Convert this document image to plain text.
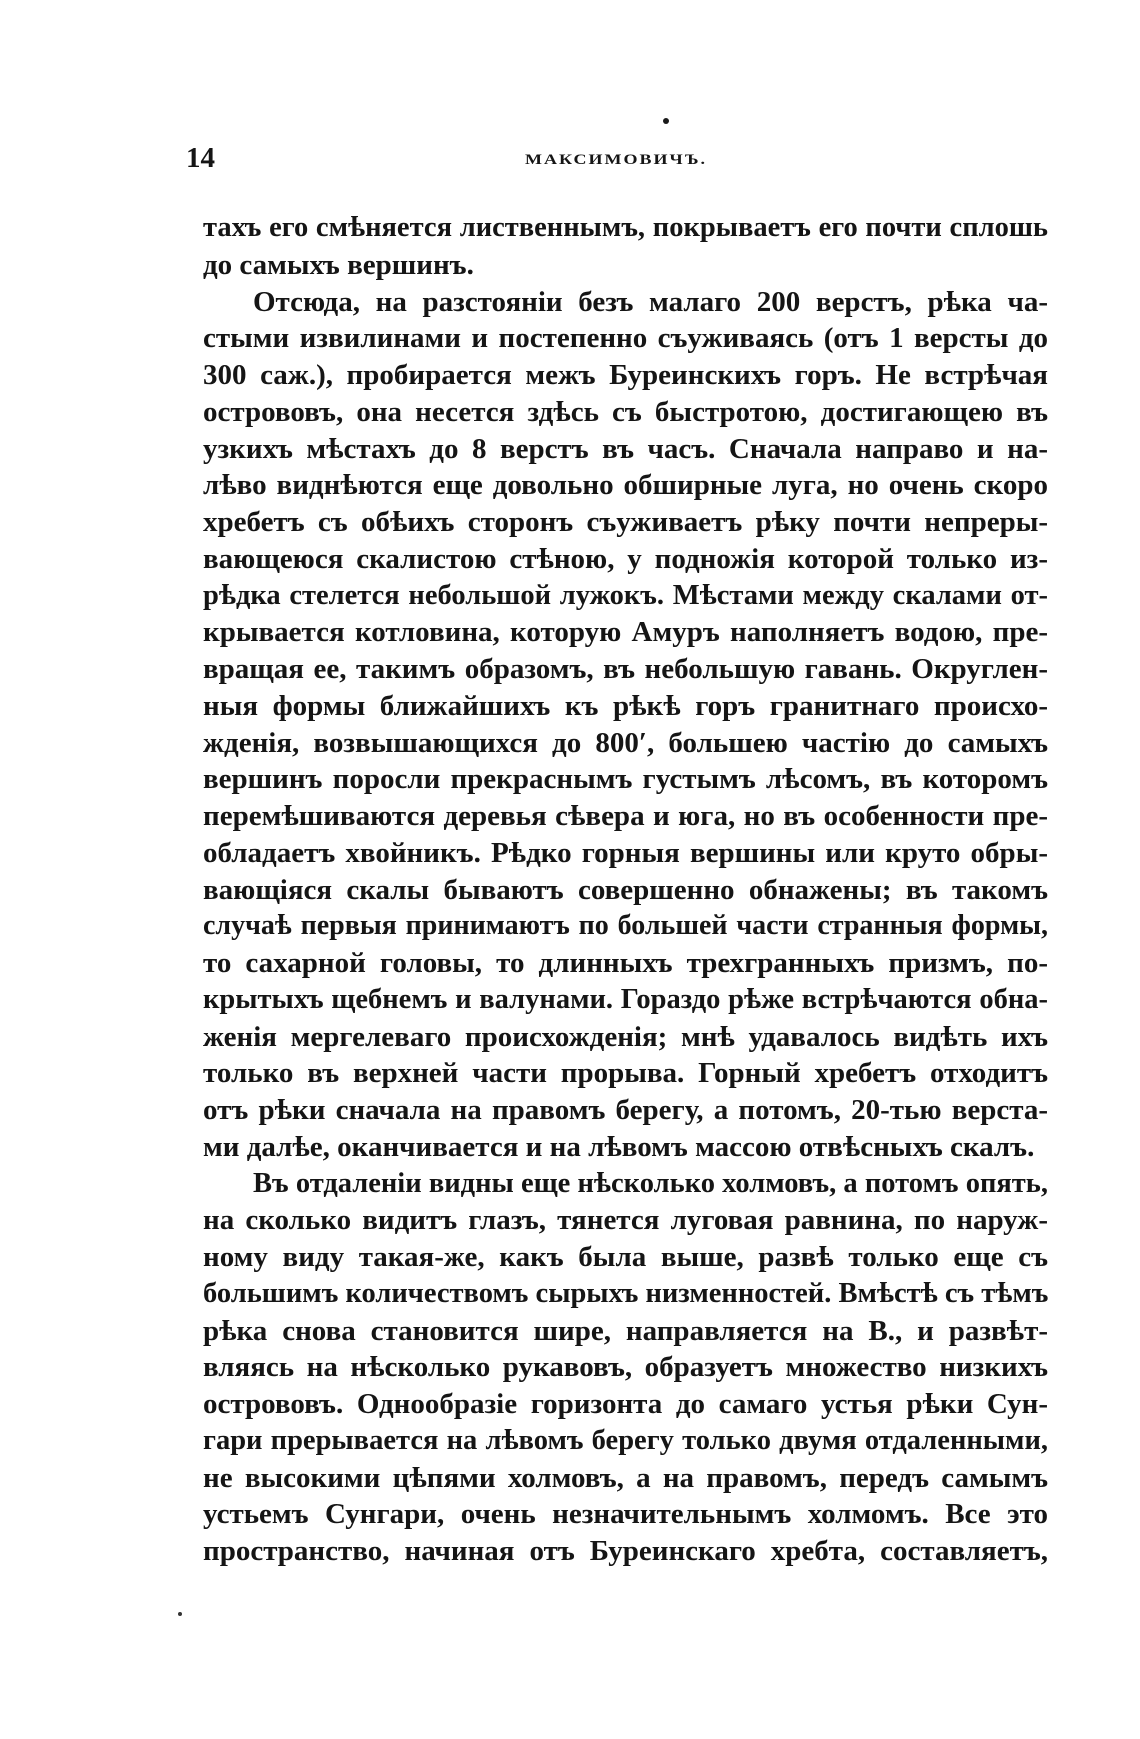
14	МАКСИМОВИЧЪ.
тахъ его смѣняется лиственнымъ, покрываетъ его почти сплошь
до самыхъ вершинъ.
Отсюда, на разстояніи безъ малаго 200 верстъ, рѣка ча-
стыми извилинами и постепенно съуживаясь (отъ 1 версты до
300 саж.), пробирается межъ Буреинскихъ горъ. Не встрѣчая
острововъ, она несется здѣсь съ быстротою, достигающею въ
узкихъ мѣстахъ до 8 верстъ въ часъ. Сначала направо и на-
лѣво виднѣются еще довольно обширные луга, но очень скоро
хребетъ съ обѣихъ сторонъ съуживаетъ рѣку почти непреры-
вающеюся скалистою стѣною, у подножія которой только из-
рѣдка стелется небольшой лужокъ. Мѣстами между скалами от-
крывается котловина, которую Амуръ наполняетъ водою, пре-
вращая ее, такимъ образомъ, въ небольшую гавань. Округлен-
ныя формы ближайшихъ къ рѣкѣ горъ гранитнаго происхо-
жденія, возвышающихся до 800′, большею частію до самыхъ
вершинъ поросли прекраснымъ густымъ лѣсомъ, въ которомъ
перемѣшиваются деревья сѣвера и юга, но въ особенности пре-
обладаетъ хвойникъ. Рѣдко горныя вершины или круто обры-
вающіяся скалы бываютъ совершенно обнажены; въ такомъ
случаѣ первыя принимаютъ по большей части странныя формы,
то сахарной головы, то длинныхъ трехгранныхъ призмъ, по-
крытыхъ щебнемъ и валунами. Гораздо рѣже встрѣчаются обна-
женія мергелеваго происхожденія; мнѣ удавалось видѣть ихъ
только въ верхней части прорыва. Горный хребетъ отходитъ
отъ рѣки сначала на правомъ берегу, а потомъ, 20-тью верста-
ми далѣе, оканчивается и на лѣвомъ массою отвѣсныхъ скалъ.
Въ отдаленіи видны еще нѣсколько холмовъ, а потомъ опять,
на сколько видитъ глазъ, тянется луговая равнина, по наруж-
ному виду такая-же, какъ была выше, развѣ только еще съ
большимъ количествомъ сырыхъ низменностей. Вмѣстѣ съ тѣмъ
рѣка снова становится шире, направляется на В., и развѣт-
вляясь на нѣсколько рукавовъ, образуетъ множество низкихъ
острововъ. Однообразіе горизонта до самаго устья рѣки Сун-
гари прерывается на лѣвомъ берегу только двумя отдаленными,
не высокими цѣпями холмовъ, а на правомъ, передъ самымъ
устьемъ Сунгари, очень незначительнымъ холмомъ. Все это
пространство, начиная отъ Буреинскаго хребта, составляетъ,
